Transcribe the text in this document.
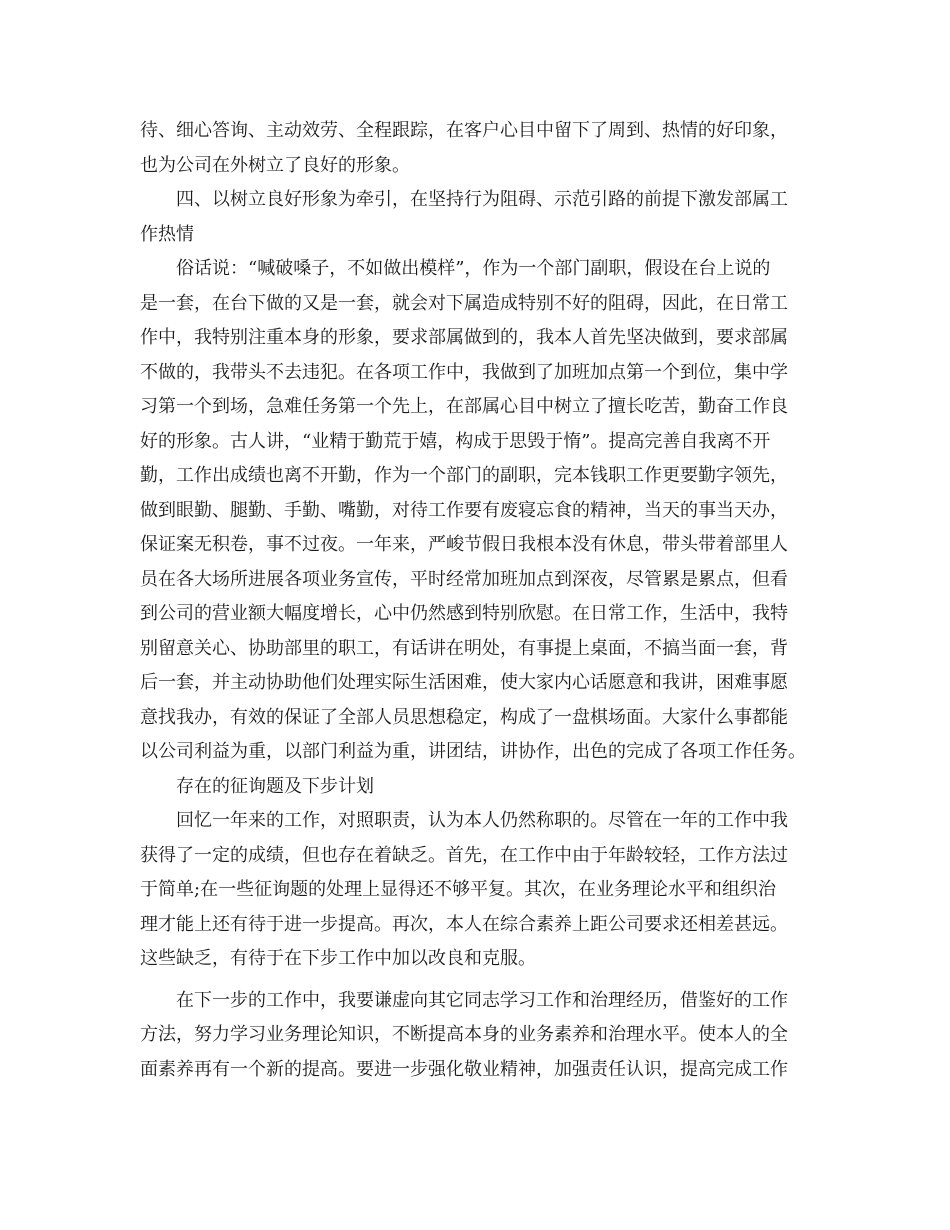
待、细心答询、主动效劳、全程跟踪，在客户心目中留下了周到、热情的好印象，
也为公司在外树立了良好的形象。
四、以树立良好形象为牵引，在坚持行为阻碍、示范引路的前提下激发部属工
作热情
俗话说：“喊破嗓子，不如做出模样”，作为一个部门副职，假设在台上说的
是一套，在台下做的又是一套，就会对下属造成特别不好的阻碍，因此，在日常工
作中，我特别注重本身的形象，要求部属做到的，我本人首先坚决做到，要求部属
不做的，我带头不去违犯。在各项工作中，我做到了加班加点第一个到位，集中学
习第一个到场，急难任务第一个先上，在部属心目中树立了擅长吃苦，勤奋工作良
好的形象。古人讲，“业精于勤荒于嬉，构成于思毁于惰”。提高完善自我离不开
勤，工作出成绩也离不开勤，作为一个部门的副职，完本钱职工作更要勤字领先，
做到眼勤、腿勤、手勤、嘴勤，对待工作要有废寝忘食的精神，当天的事当天办，
保证案无积卷，事不过夜。一年来，严峻节假日我根本没有休息，带头带着部里人
员在各大场所进展各项业务宣传，平时经常加班加点到深夜，尽管累是累点，但看
到公司的营业额大幅度增长，心中仍然感到特别欣慰。在日常工作，生活中，我特
别留意关心、协助部里的职工，有话讲在明处，有事提上桌面，不搞当面一套，背
后一套，并主动协助他们处理实际生活困难，使大家内心话愿意和我讲，困难事愿
意找我办，有效的保证了全部人员思想稳定，构成了一盘棋场面。大家什么事都能
以公司利益为重，以部门利益为重，讲团结，讲协作，出色的完成了各项工作任务。
存在的征询题及下步计划
回忆一年来的工作，对照职责，认为本人仍然称职的。尽管在一年的工作中我
获得了一定的成绩，但也存在着缺乏。首先，在工作中由于年龄较轻，工作方法过
于简单;在一些征询题的处理上显得还不够平复。其次，在业务理论水平和组织治
理才能上还有待于进一步提高。再次，本人在综合素养上距公司要求还相差甚远。
这些缺乏，有待于在下步工作中加以改良和克服。
在下一步的工作中，我要谦虚向其它同志学习工作和治理经历，借鉴好的工作
方法，努力学习业务理论知识，不断提高本身的业务素养和治理水平。使本人的全
面素养再有一个新的提高。要进一步强化敬业精神，加强责任认识，提高完成工作
